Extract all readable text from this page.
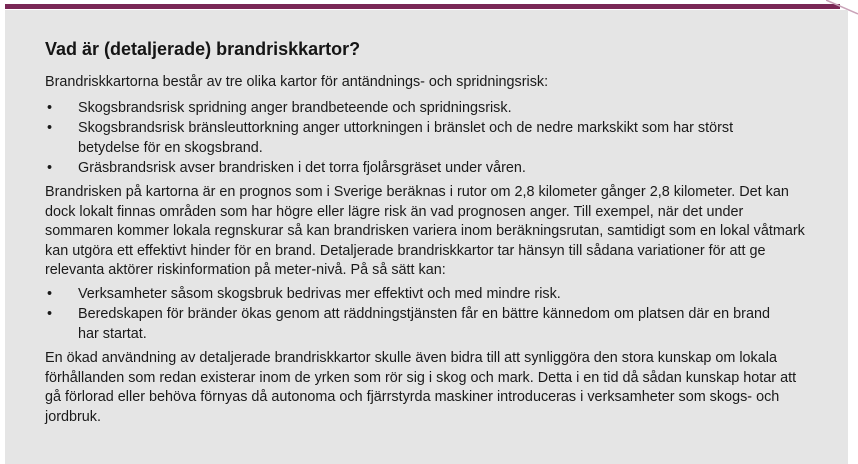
Vad är (detaljerade) brandriskkartor?

Brandriskkartorna består av tre olika kartor för antändnings- och spridningsrisk:

• Skogsbrandsrisk spridning anger brandbeteende och spridningsrisk.
• Skogsbrandsrisk bränsleuttorkning anger uttorkningen i bränslet och de nedre markskikt som har störst betydelse för en skogsbrand.
• Gräsbrandsrisk avser brandrisken i det torra fjolårsgräset under våren.

Brandrisken på kartorna är en prognos som i Sverige beräknas i rutor om 2,8 kilometer gånger 2,8 kilometer. Det kan dock lokalt finnas områden som har högre eller lägre risk än vad prognosen anger. Till exempel, när det under sommaren kommer lokala regnskurar så kan brandrisken variera inom beräkningsrutan, samtidigt som en lokal våtmark kan utgöra ett effektivt hinder för en brand. Detaljerade brandriskkartor tar hänsyn till sådana variationer för att ge relevanta aktörer riskinformation på meter-nivå. På så sätt kan:

• Verksamheter såsom skogsbruk bedrivas mer effektivt och med mindre risk.
• Beredskapen för bränder ökas genom att räddningstjänsten får en bättre kännedom om platsen där en brand har startat.

En ökad användning av detaljerade brandriskkartor skulle även bidra till att synliggöra den stora kunskap om lokala förhållanden som redan existerar inom de yrken som rör sig i skog och mark. Detta i en tid då sådan kunskap hotar att gå förlorad eller behöva förnyas då autonoma och fjärrstyrda maskiner introduceras i verksamheter som skogs- och jordbruk.
